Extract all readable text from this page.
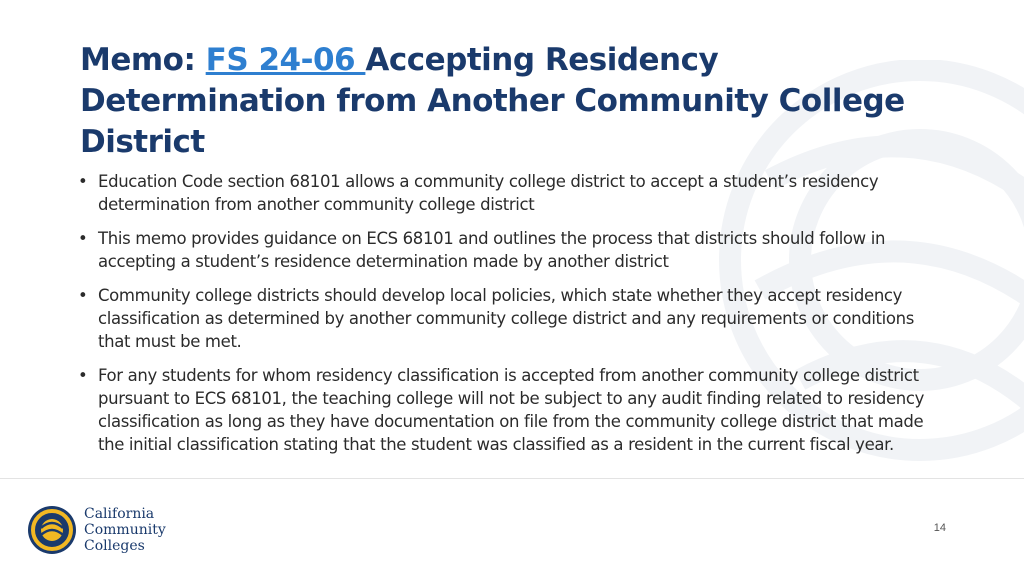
Memo: FS 24-06 Accepting Residency Determination from Another Community College District
• Education Code section 68101 allows a community college district to accept a student’s residency determination from another community college district
• This memo provides guidance on ECS 68101 and outlines the process that districts should follow in accepting a student’s residence determination made by another district
• Community college districts should develop local policies, which state whether they accept residency classification as determined by another community college district and any requirements or conditions that must be met.
• For any students for whom residency classification is accepted from another community college district pursuant to ECS 68101, the teaching college will not be subject to any audit finding related to residency classification as long as they have documentation on file from the community college district that made the initial classification stating that the student was classified as a resident in the current fiscal year.
California
Community
Colleges
14
